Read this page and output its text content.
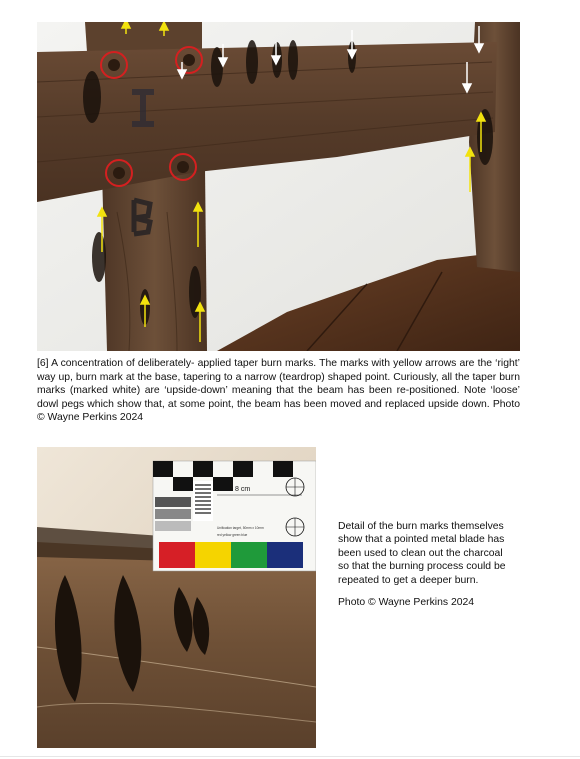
[6] A concentration of deliberately- applied taper burn marks. The marks with yellow arrows are the ‘right’ way up, burn mark at the base, tapering to a narrow (teardrop) shaped point. Curiously, all the taper burn marks (marked white) are ‘upside-down’ meaning that the beam has been re-positioned. Note ‘loose’ dowl pegs which show that, at some point, the beam has been moved and replaced upside down. Photo © Wayne Perkins 2024
8 cm
Unification target, 50mm x 10mm
red yellow green blue

Detail of the burn marks themselves show that a pointed metal blade has been used to clean out the charcoal so that the burning process could be repeated to get a deeper burn.

Photo © Wayne Perkins 2024
